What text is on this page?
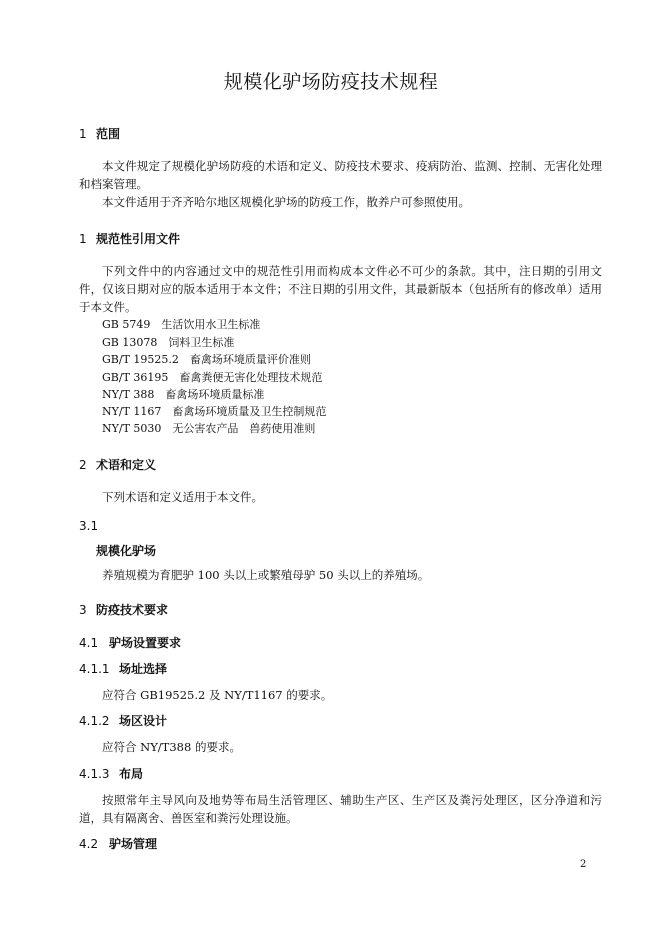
规模化驴场防疫技术规程
1 范围
本文件规定了规模化驴场防疫的术语和定义、防疫技术要求、疫病防治、监测、控制、无害化处理和档案管理。
本文件适用于齐齐哈尔地区规模化驴场的防疫工作，散养户可参照使用。
1 规范性引用文件
下列文件中的内容通过文中的规范性引用而构成本文件必不可少的条款。其中，注日期的引用文件，仅该日期对应的版本适用于本文件；不注日期的引用文件，其最新版本（包括所有的修改单）适用于本文件。
GB 5749　生活饮用水卫生标准
GB 13078　饲料卫生标准
GB/T 19525.2　畜禽场环境质量评价准则
GB/T 36195　畜禽粪便无害化处理技术规范
NY/T 388　畜禽场环境质量标准
NY/T 1167　畜禽场环境质量及卫生控制规范
NY/T 5030　无公害农产品　兽药使用准则
2 术语和定义
下列术语和定义适用于本文件。
3.1
规模化驴场
养殖规模为育肥驴 100 头以上或繁殖母驴 50 头以上的养殖场。
3 防疫技术要求
4.1 驴场设置要求
4.1.1 场址选择
应符合 GB19525.2 及 NY/T1167 的要求。
4.1.2 场区设计
应符合 NY/T388 的要求。
4.1.3 布局
按照常年主导风向及地势等布局生活管理区、辅助生产区、生产区及粪污处理区，区分净道和污道，具有隔离舍、兽医室和粪污处理设施。
4.2 驴场管理
2
